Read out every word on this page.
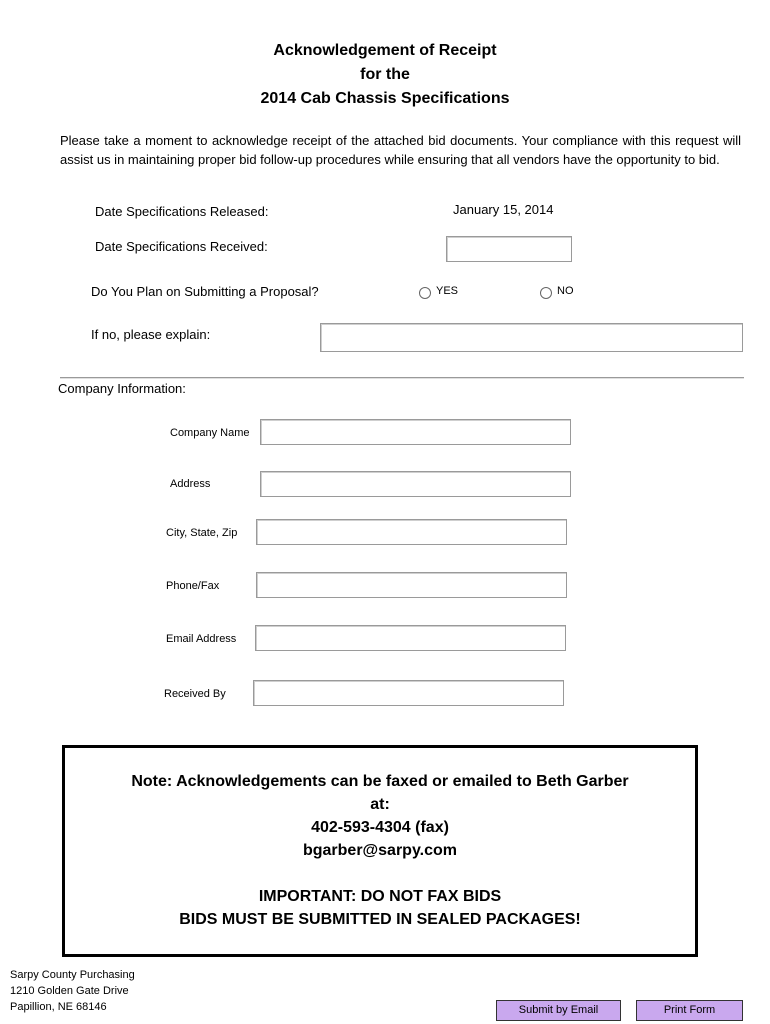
Acknowledgement of Receipt
for the
2014 Cab Chassis Specifications
Please take a moment to acknowledge receipt of the attached bid documents. Your compliance with this request will assist us in maintaining proper bid follow-up procedures while ensuring that all vendors have the opportunity to bid.
Date Specifications Released:	January 15, 2014
Date Specifications Received:
Do You Plan on Submitting a Proposal?	YES	NO
If no, please explain:
Company Information:
Company Name
Address
City, State, Zip
Phone/Fax
Email Address
Received By
Note: Acknowledgements can be faxed or emailed to Beth Garber
at:
402-593-4304 (fax)
bgarber@sarpy.com
IMPORTANT: DO NOT FAX BIDS
BIDS MUST BE SUBMITTED IN SEALED PACKAGES!
Sarpy County Purchasing
1210 Golden Gate Drive
Papillion, NE 68146	Submit by Email	Print Form
